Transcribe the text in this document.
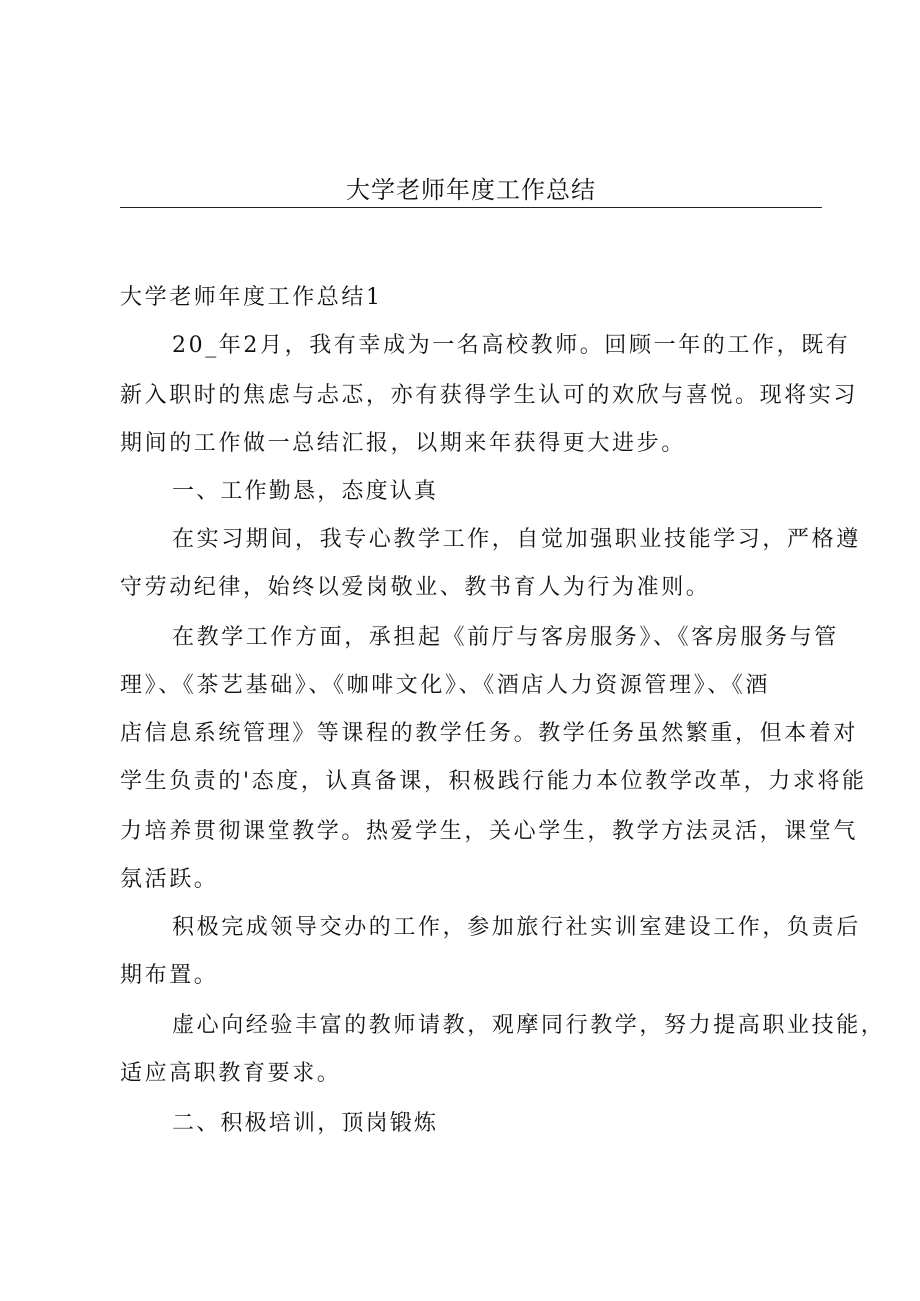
大学老师年度工作总结
大学老师年度工作总结1
20_年2月，我有幸成为一名高校教师。回顾一年的工作，既有
新入职时的焦虑与忐忑，亦有获得学生认可的欢欣与喜悦。现将实习
期间的工作做一总结汇报，以期来年获得更大进步。
一、工作勤恳，态度认真
在实习期间，我专心教学工作，自觉加强职业技能学习，严格遵
守劳动纪律，始终以爱岗敬业、教书育人为行为准则。
在教学工作方面，承担起《前厅与客房服务》、《客房服务与管
理》、《茶艺基础》、《咖啡文化》、《酒店人力资源管理》、《酒
店信息系统管理》等课程的教学任务。教学任务虽然繁重，但本着对
学生负责的'态度，认真备课，积极践行能力本位教学改革，力求将能
力培养贯彻课堂教学。热爱学生，关心学生，教学方法灵活，课堂气
氛活跃。
积极完成领导交办的工作，参加旅行社实训室建设工作，负责后
期布置。
虚心向经验丰富的教师请教，观摩同行教学，努力提高职业技能，
适应高职教育要求。
二、积极培训，顶岗锻炼
